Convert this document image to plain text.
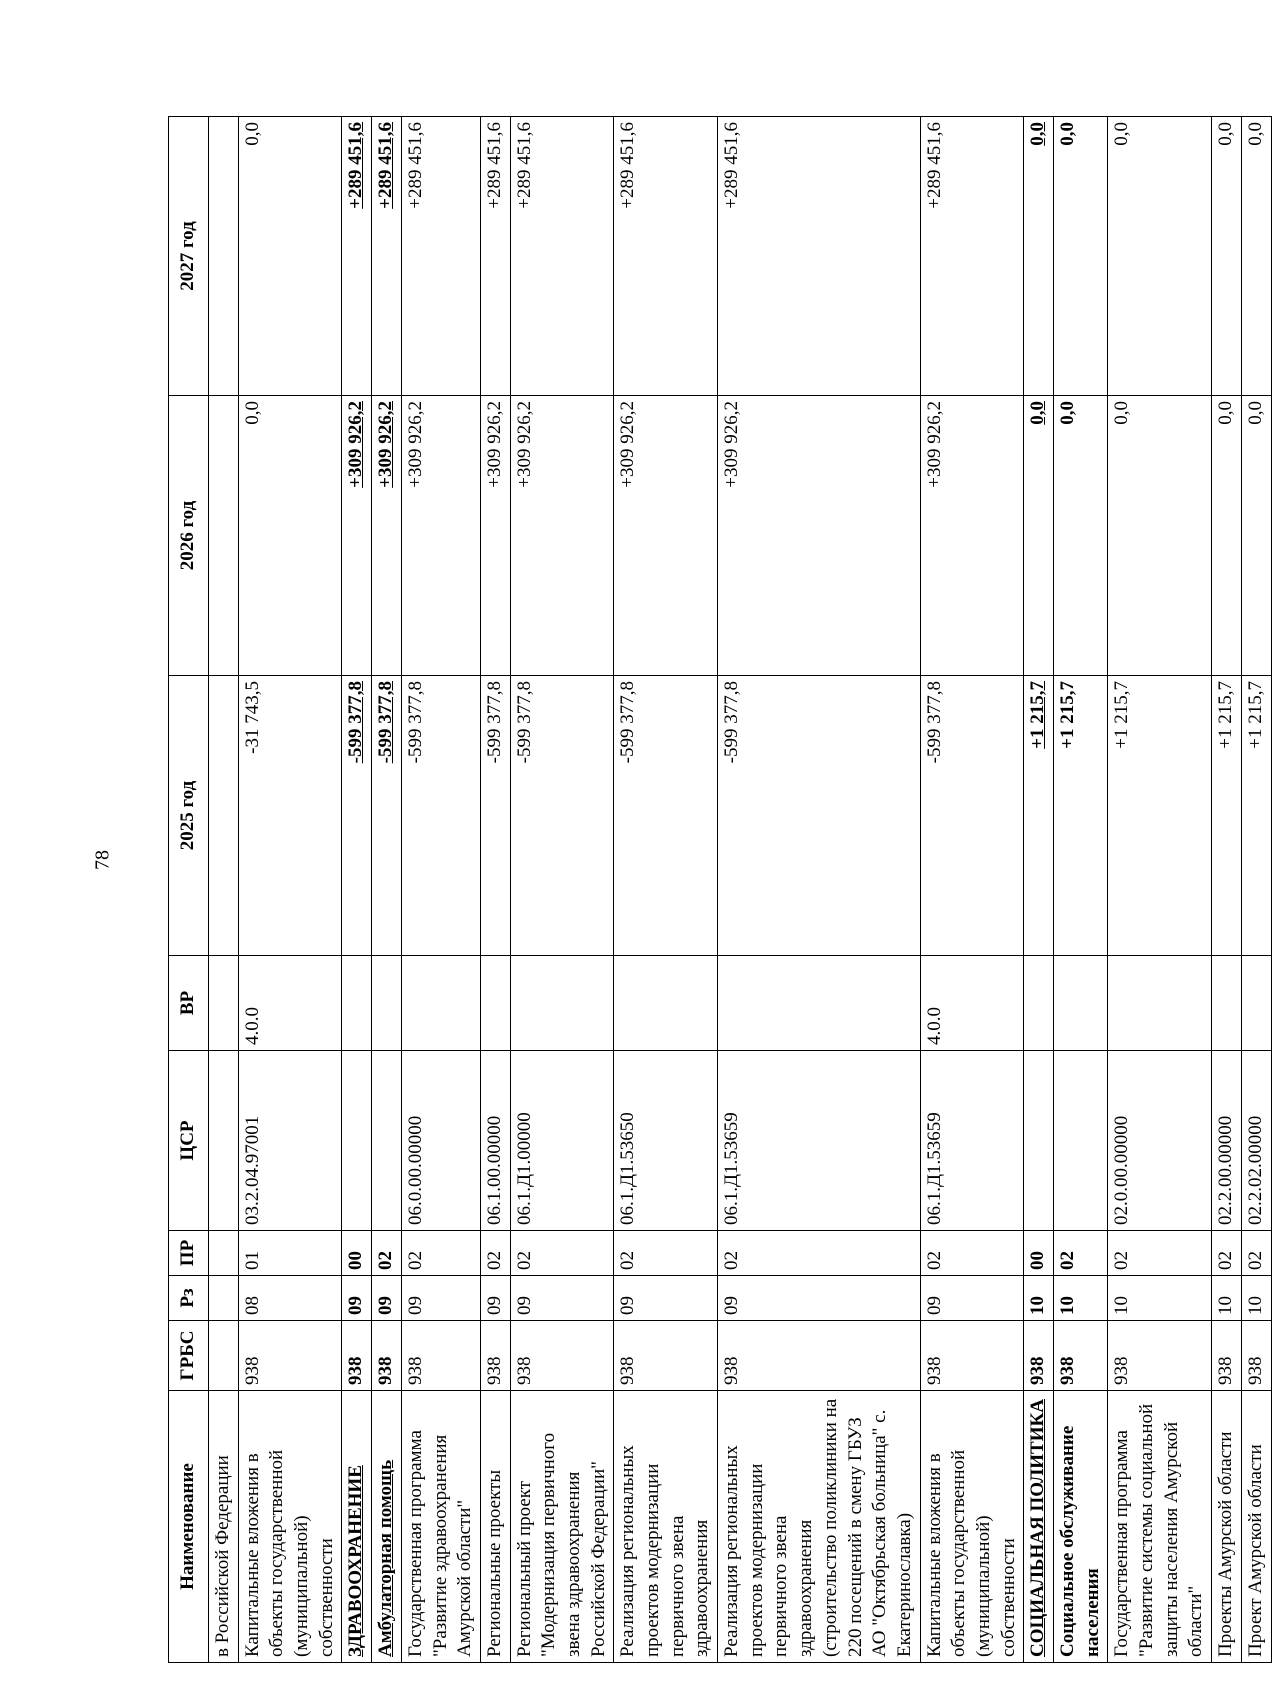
78
Наименование	ГРБС	Рз	ПР	ЦСР	ВР	2025 год	2026 год	2027 год
в Российской Федерации								
Капитальные вложения в объекты государственной (муниципальной) собственности	938	08	01	03.2.04.97001	4.0.0	-31 743,5	0,0	0,0
ЗДРАВООХРАНЕНИЕ	938	09	00			-599 377,8	+309 926,2	+289 451,6
Амбулаторная помощь	938	09	02			-599 377,8	+309 926,2	+289 451,6
Государственная программа "Развитие здравоохранения Амурской области"	938	09	02	06.0.00.00000		-599 377,8	+309 926,2	+289 451,6
Региональные проекты	938	09	02	06.1.00.00000		-599 377,8	+309 926,2	+289 451,6
Региональный проект "Модернизация первичного звена здравоохранения Российской Федерации"	938	09	02	06.1.Д1.00000		-599 377,8	+309 926,2	+289 451,6
Реализация региональных проектов модернизации первичного звена здравоохранения	938	09	02	06.1.Д1.53650		-599 377,8	+309 926,2	+289 451,6
Реализация региональных проектов модернизации первичного звена здравоохранения (строительство поликлиники на 220 посещений в смену ГБУЗ АО "Октябрьская больница" с. Екатеринославка)	938	09	02	06.1.Д1.53659		-599 377,8	+309 926,2	+289 451,6
Капитальные вложения в объекты государственной (муниципальной) собственности	938	09	02	06.1.Д1.53659	4.0.0	-599 377,8	+309 926,2	+289 451,6
СОЦИАЛЬНАЯ ПОЛИТИКА	938	10	00			+1 215,7	0,0	0,0
Социальное обслуживание населения	938	10	02			+1 215,7	0,0	0,0
Государственная программа "Развитие системы социальной защиты населения Амурской области"	938	10	02	02.0.00.00000		+1 215,7	0,0	0,0
Проекты Амурской области	938	10	02	02.2.00.00000		+1 215,7	0,0	0,0
Проект Амурской области	938	10	02	02.2.02.00000		+1 215,7	0,0	0,0
